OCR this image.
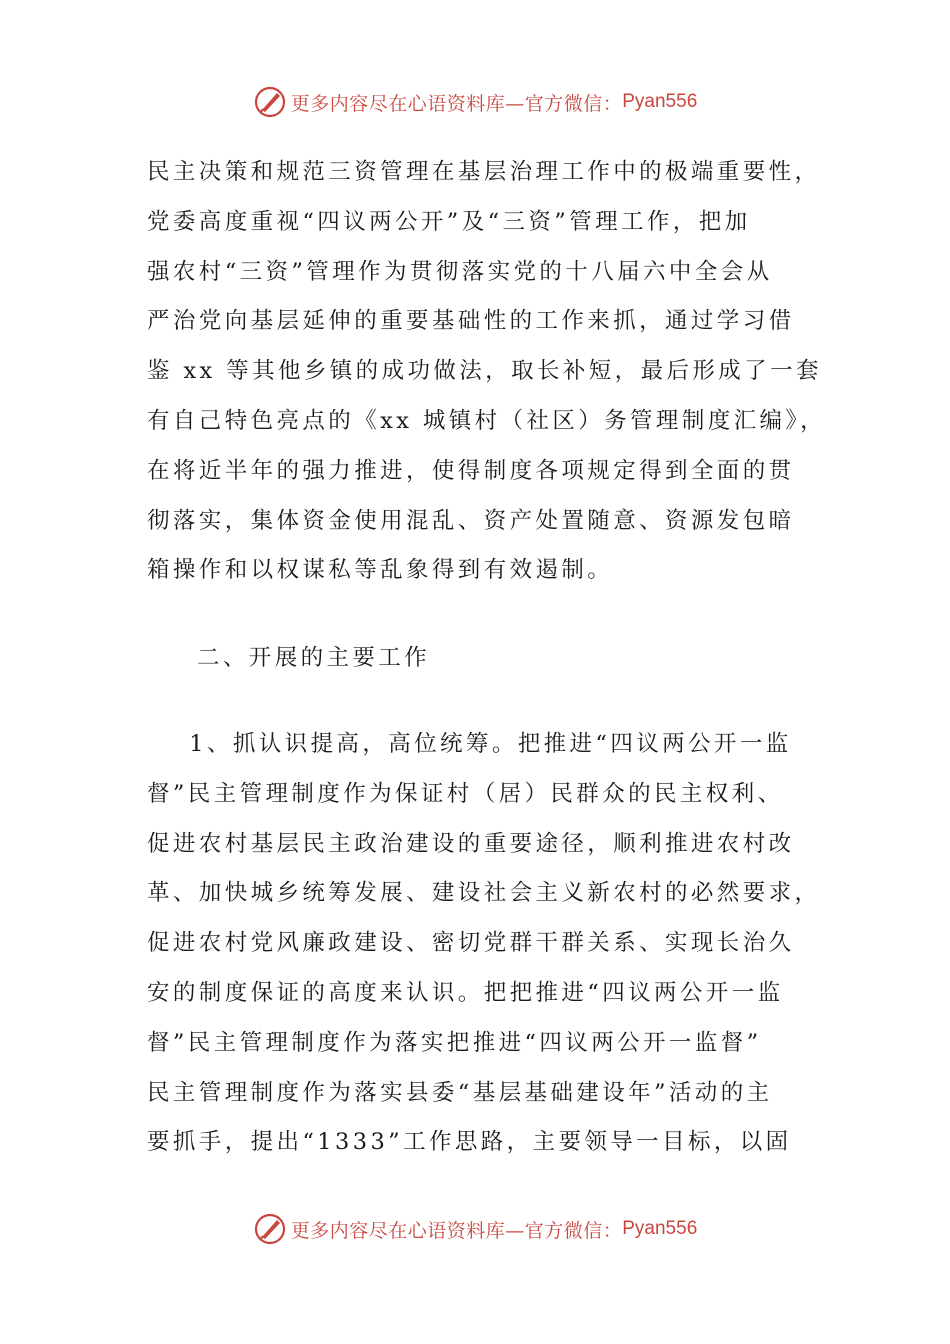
更多内容尽在心语资料库—官方微信： Pyan556

民主决策和规范三资管理在基层治理工作中的极端重要性，
党委高度重视“四议两公开”及“三资”管理工作，把加
强农村“三资”管理作为贯彻落实党的十八届六中全会从
严治党向基层延伸的重要基础性的工作来抓，通过学习借
鉴 xx 等其他乡镇的成功做法，取长补短，最后形成了一套
有自己特色亮点的《xx 城镇村（社区）务管理制度汇编》，
在将近半年的强力推进，使得制度各项规定得到全面的贯
彻落实，集体资金使用混乱、资产处置随意、资源发包暗
箱操作和以权谋私等乱象得到有效遏制。

二、开展的主要工作

1、抓认识提高，高位统筹。把推进“四议两公开一监
督”民主管理制度作为保证村（居）民群众的民主权利、
促进农村基层民主政治建设的重要途径，顺利推进农村改
革、加快城乡统筹发展、建设社会主义新农村的必然要求，
促进农村党风廉政建设、密切党群干群关系、实现长治久
安的制度保证的高度来认识。把把推进“四议两公开一监
督”民主管理制度作为落实把推进“四议两公开一监督”
民主管理制度作为落实县委“基层基础建设年”活动的主
要抓手，提出“1333”工作思路，主要领导一目标，以固

更多内容尽在心语资料库—官方微信： Pyan556
